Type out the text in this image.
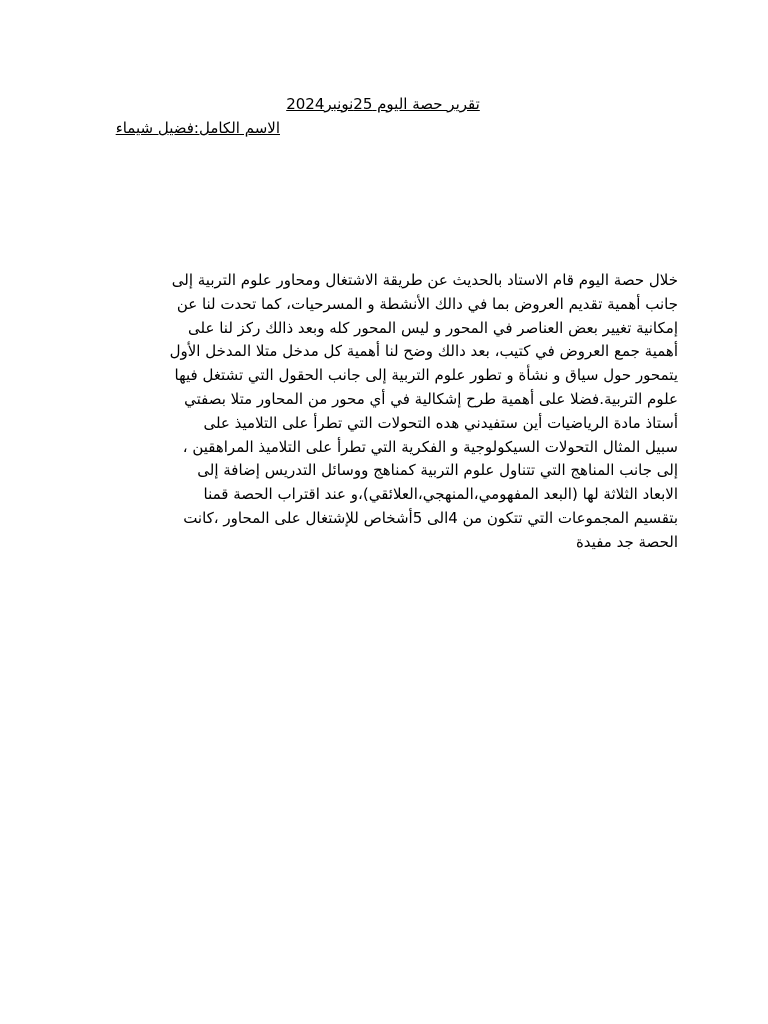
تقرير حصة اليوم 25نونبر2024
الاسم الكامل:فضيل شيماء
خلال حصة اليوم قام الاستاد بالحديث عن طريقة الاشتغال ومحاور علوم التربية إلى
جانب أهمية تقديم العروض بما في دالك الأنشطة و المسرحيات، كما تحدت لنا عن
إمكانية تغيير بعض العناصر في المحور و ليس المحور كله وبعد ذالك ركز لنا على
أهمية جمع العروض في كتيب، بعد دالك وضح لنا أهمية كل مدخل متلا المدخل الأول
يتمحور حول سياق و نشأة و تطور علوم التربية إلى جانب الحقول التي تشتغل فيها
علوم التربية.فضلا على أهمية طرح إشكالية في أي محور من المحاور متلا بصفتي
أستاذ مادة الرياضيات أين ستفيدني هده التحولات التي تطرأ على التلاميذ على
سبيل المثال التحولات السيكولوجية و الفكرية التي تطرأ على التلاميذ المراهقين ،
إلى جانب المناهج التي تتناول علوم التربية كمناهج ووسائل التدريس إضافة إلى
الابعاد الثلاثة لها (البعد المفهومي،المنهجي،العلائقي)،و عند اقتراب الحصة قمنا
بتقسيم المجموعات التي تتكون من 4الى 5أشخاص للإشتغال على المحاور ،كانت
الحصة جد مفيدة
